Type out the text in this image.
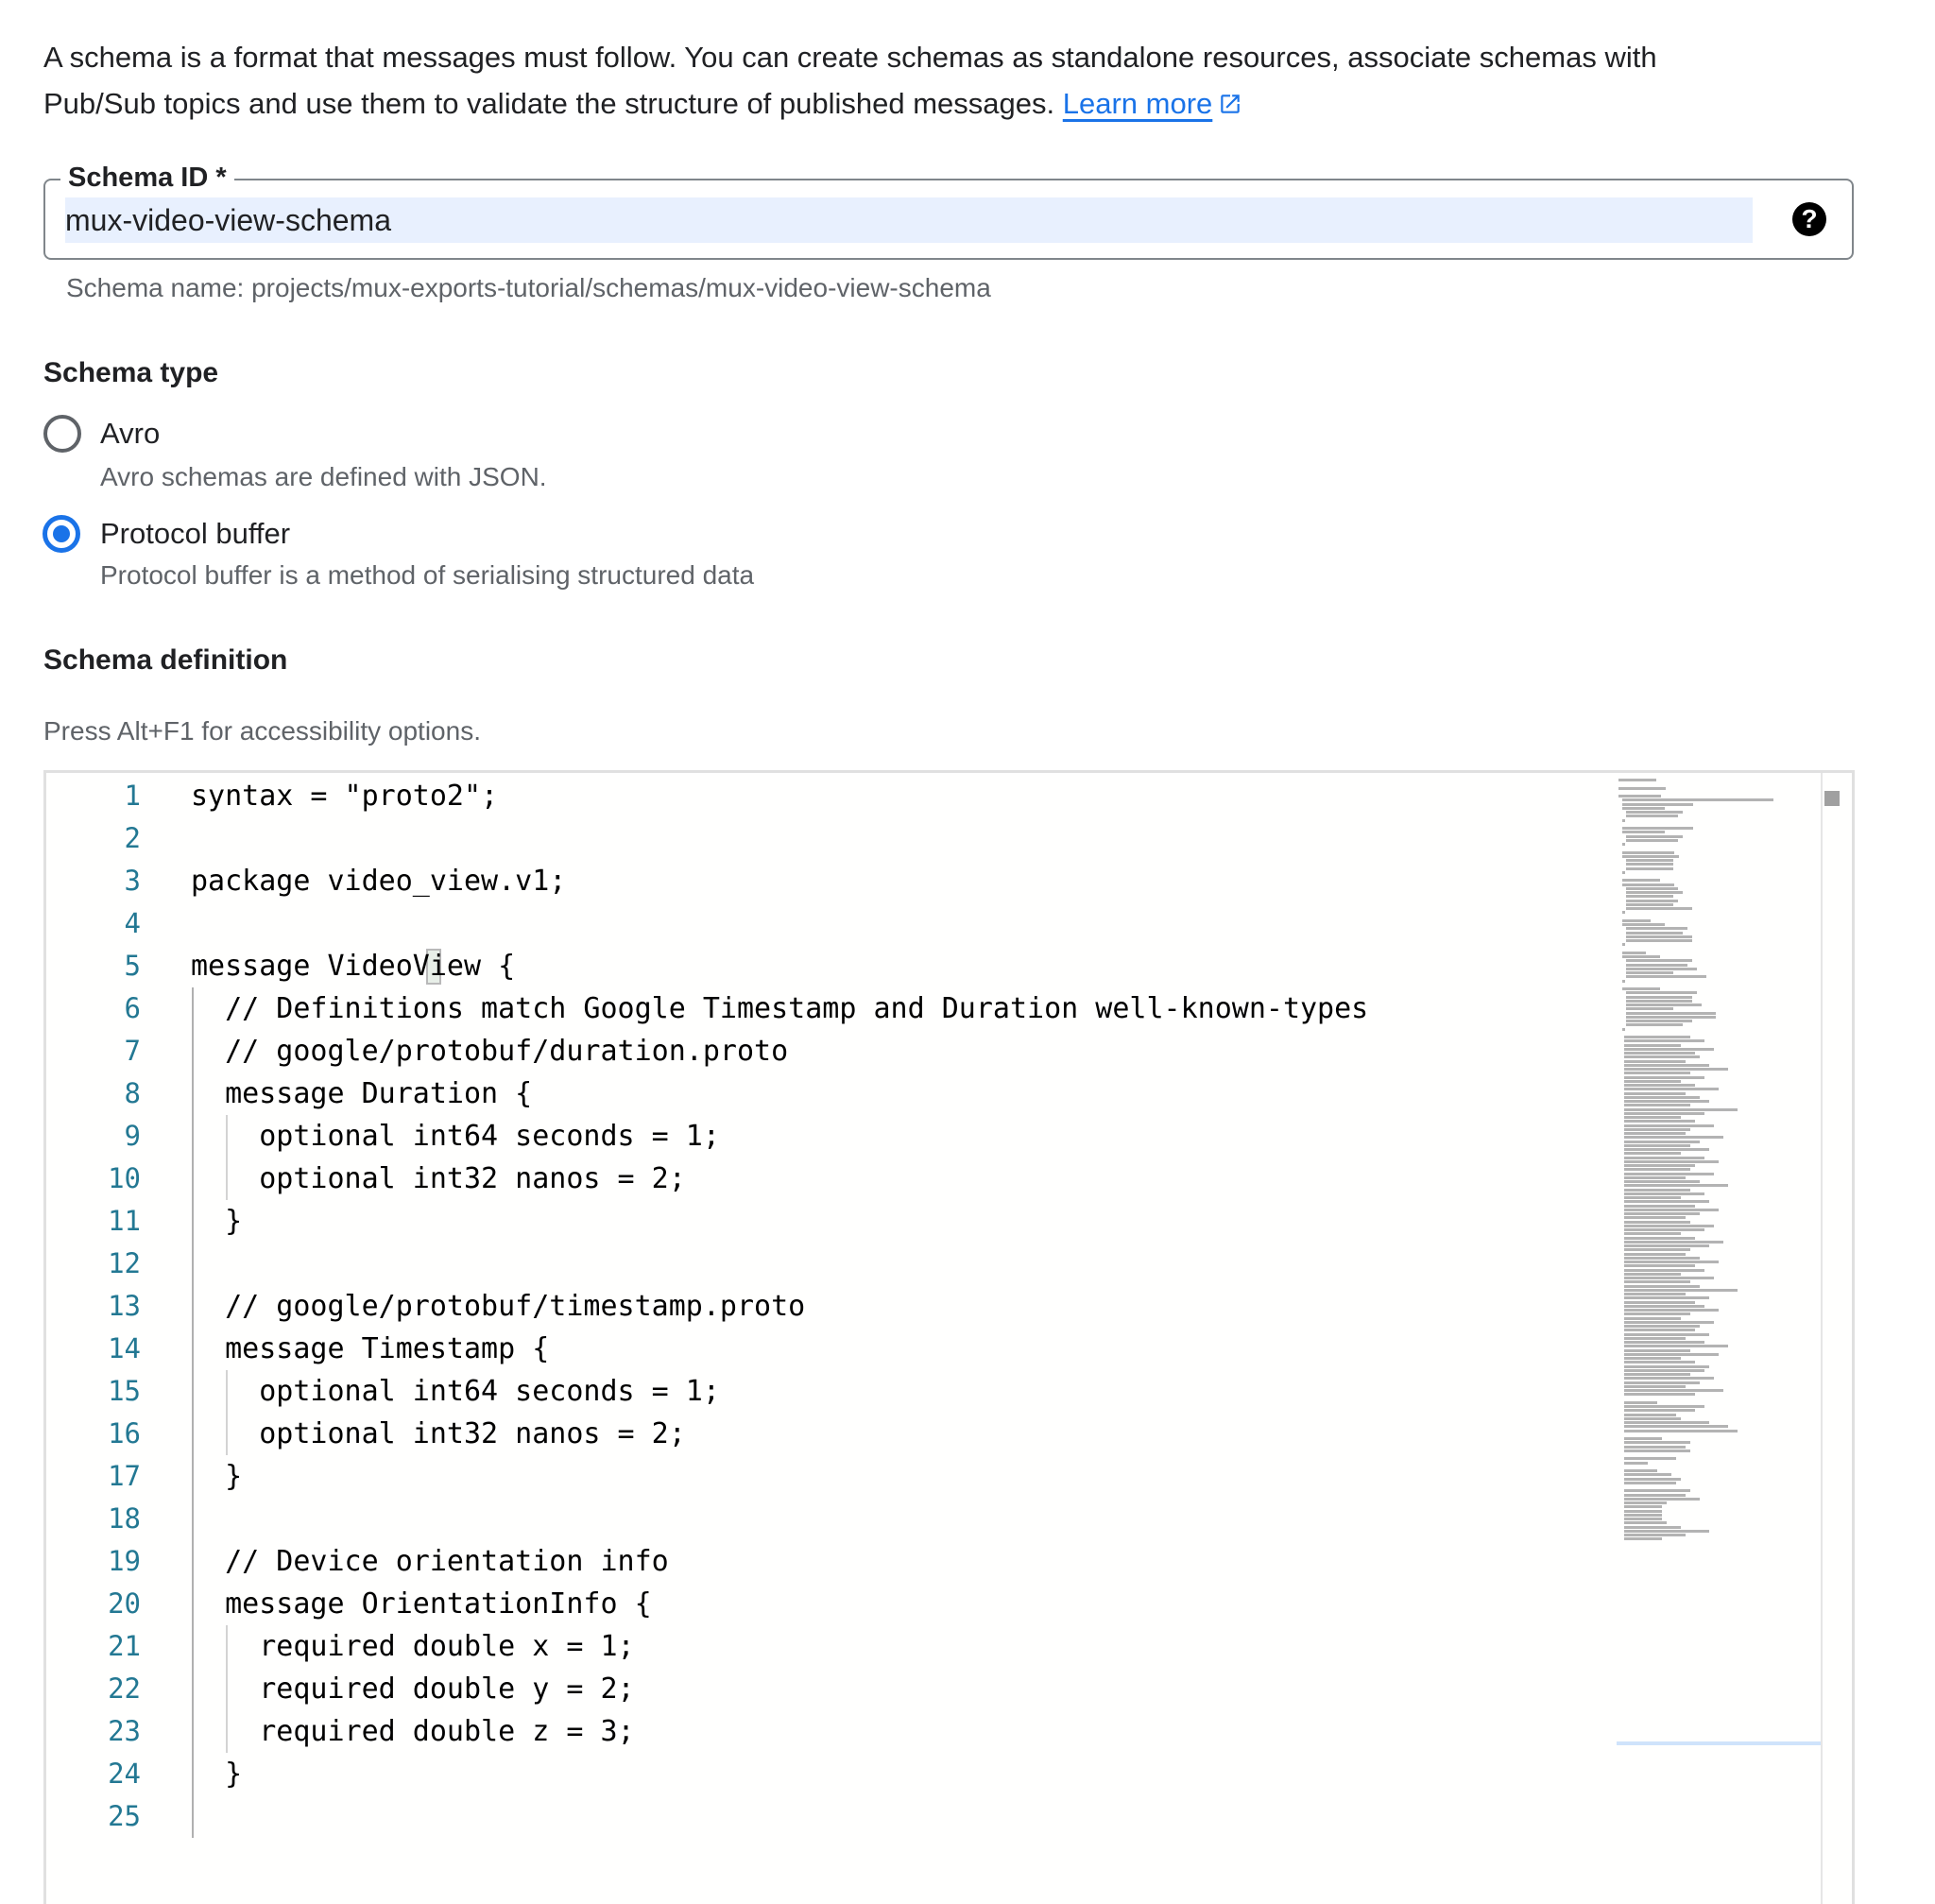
A schema is a format that messages must follow. You can create schemas as standalone resources, associate schemas with
Pub/Sub topics and use them to validate the structure of published messages. Learn more
Schema ID *
mux-video-view-schema
?
Schema name: projects/mux-exports-tutorial/schemas/mux-video-view-schema
Schema type
Avro
Avro schemas are defined with JSON.
Protocol buffer
Protocol buffer is a method of serialising structured data
Schema definition
Press Alt+F1 for accessibility options.
1
2
3
4
5
6
7
8
9
10
11
12
13
14
15
16
17
18
19
20
21
22
23
24
25
syntax = "proto2";
package video_view.v1;
message VideoView {
// Definitions match Google Timestamp and Duration well-known-types
// google/protobuf/duration.proto
message Duration {
optional int64 seconds = 1;
optional int32 nanos = 2;
}
// google/protobuf/timestamp.proto
message Timestamp {
optional int64 seconds = 1;
optional int32 nanos = 2;
}
// Device orientation info
message OrientationInfo {
required double x = 1;
required double y = 2;
required double z = 3;
}
